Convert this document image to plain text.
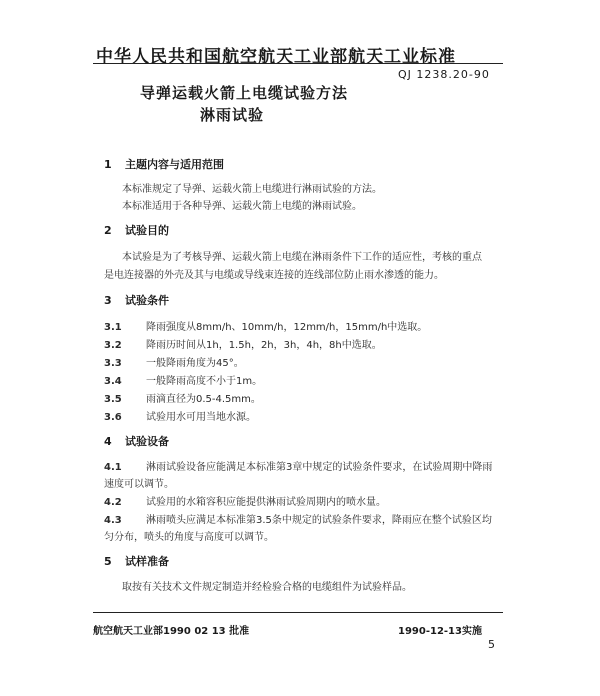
中华人民共和国航空航天工业部航天工业标准
QJ 1238.20-90
导弹运载火箭上电缆试验方法
淋雨试验
1 主题内容与适用范围
本标准规定了导弹、运载火箭上电缆进行淋雨试验的方法。
本标准适用于各种导弹、运载火箭上电缆的淋雨试验。
2 试验目的
本试验是为了考核导弹、运载火箭上电缆在淋雨条件下工作的适应性，考核的重点
是电连接器的外壳及其与电缆或导线束连接的连线部位防止雨水渗透的能力。
3 试验条件
3.1 降雨强度从8mm/h、10mm/h，12mm/h，15mm/h中选取。
3.2 降雨历时间从1h，1.5h，2h，3h，4h，8h中选取。
3.3 一般降雨角度为45°。
3.4 一般降雨高度不小于1m。
3.5 雨滴直径为0.5-4.5mm。
3.6 试验用水可用当地水源。
4 试验设备
4.1 淋雨试验设备应能满足本标准第3章中规定的试验条件要求，在试验周期中降雨
速度可以调节。
4.2 试验用的水箱容积应能提供淋雨试验周期内的喷水量。
4.3 淋雨喷头应满足本标准第3.5条中规定的试验条件要求，降雨应在整个试验区均
匀分布，喷头的角度与高度可以调节。
5 试样准备
取按有关技术文件规定制造并经检验合格的电缆组件为试验样品。
航空航天工业部1990 02 13 批准	1990-12-13实施
5
